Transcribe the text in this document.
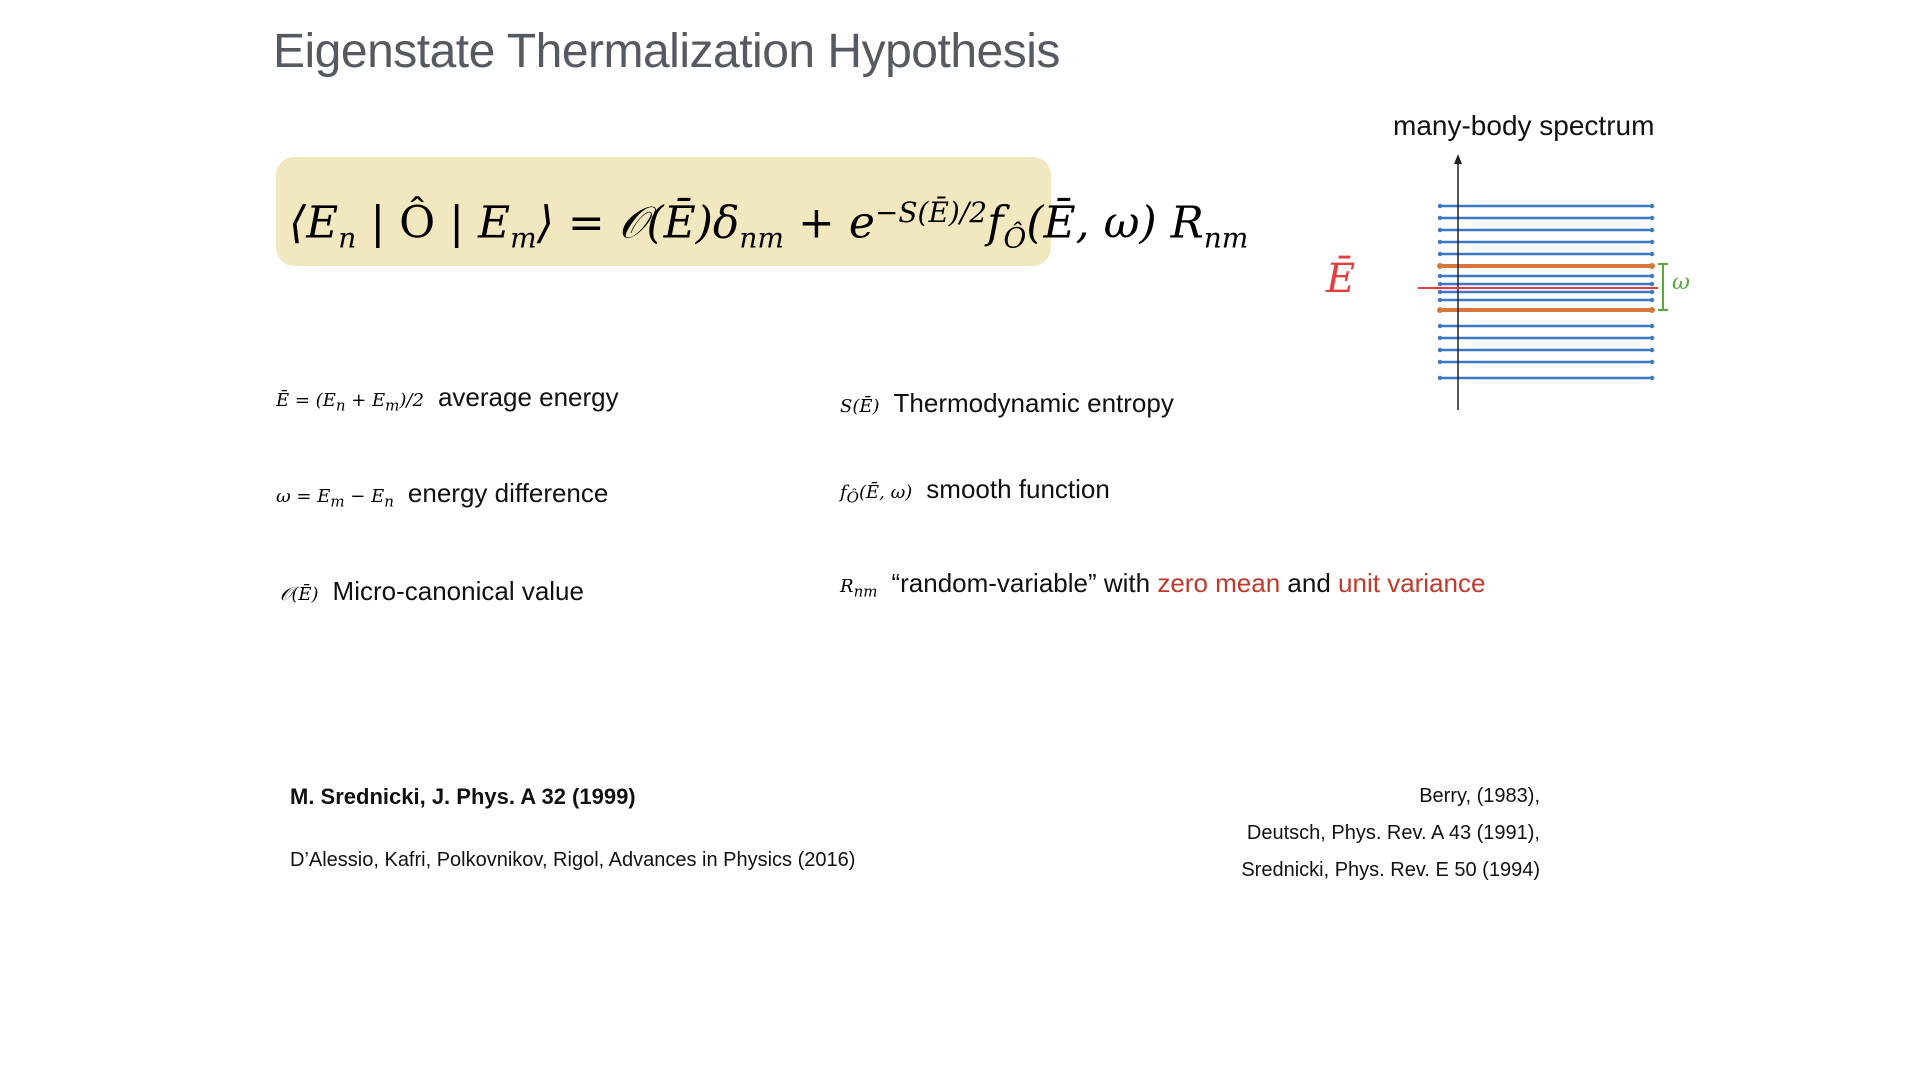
Eigenstate Thermalization Hypothesis
$⟨E_n$ | Ô | $E_m⟩$ = $𝒪(Ē)\delta_{nm}$ + $e^{-S(Ē)/2}f_Ô(Ē$, ω) $R_{nm}$
Ē = $(E_n + E_m)/2$ average energy
$\omega = E_m - E_n$ energy difference
𝒪(Ē) Micro-canonical value
S(Ē) Thermodynamic entropy
$f_Ô(Ē$, ω) smooth function
$R_{nm}$ “random-variable” with zero mean and unit variance
many-body spectrum
Ē	ω
M. Srednicki, J. Phys. A 32 (1999)
D’Alessio, Kafri, Polkovnikov, Rigol, Advances in Physics (2016)
Berry, (1983),
Deutsch, Phys. Rev. A 43 (1991),
Srednicki, Phys. Rev. E 50 (1994)
